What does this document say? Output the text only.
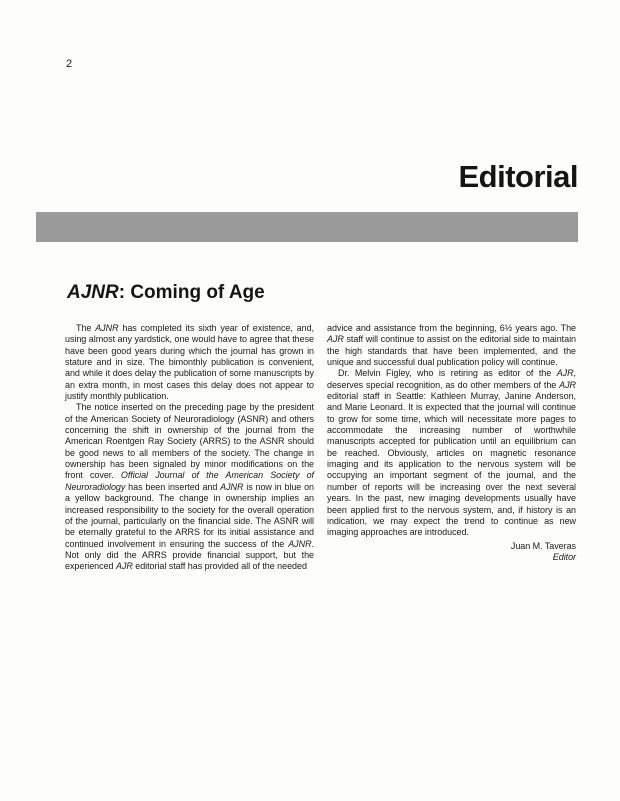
2
Editorial
AJNR: Coming of Age

The AJNR has completed its sixth year of existence, and, using almost any yardstick, one would have to agree that these have been good years during which the journal has grown in stature and in size. The bimonthly publication is convenient, and while it does delay the publication of some manuscripts by an extra month, in most cases this delay does not appear to justify monthly publication.

The notice inserted on the preceding page by the president of the American Society of Neuroradiology (ASNR) and others concerning the shift in ownership of the journal from the American Roentgen Ray Society (ARRS) to the ASNR should be good news to all members of the society. The change in ownership has been signaled by minor modifications on the front cover. Official Journal of the American Society of Neuroradiology has been inserted and AJNR is now in blue on a yellow background. The change in ownership implies an increased responsibility to the society for the overall operation of the journal, particularly on the financial side. The ASNR will be eternally grateful to the ARRS for its initial assistance and continued involvement in ensuring the success of the AJNR. Not only did the ARRS provide financial support, but the experienced AJR editorial staff has provided all of the needed

advice and assistance from the beginning, 6½ years ago. The AJR staff will continue to assist on the editorial side to maintain the high standards that have been implemented, and the unique and successful dual publication policy will continue.

Dr. Melvin Figley, who is retiring as editor of the AJR, deserves special recognition, as do other members of the AJR editorial staff in Seattle: Kathleen Murray, Janine Anderson, and Marie Leonard. It is expected that the journal will continue to grow for some time, which will necessitate more pages to accommodate the increasing number of worthwhile manuscripts accepted for publication until an equilibrium can be reached. Obviously, articles on magnetic resonance imaging and its application to the nervous system will be occupying an important segment of the journal, and the number of reports will be increasing over the next several years. In the past, new imaging developments usually have been applied first to the nervous system, and, if history is an indication, we may expect the trend to continue as new imaging approaches are introduced.

Juan M. Taveras
Editor
